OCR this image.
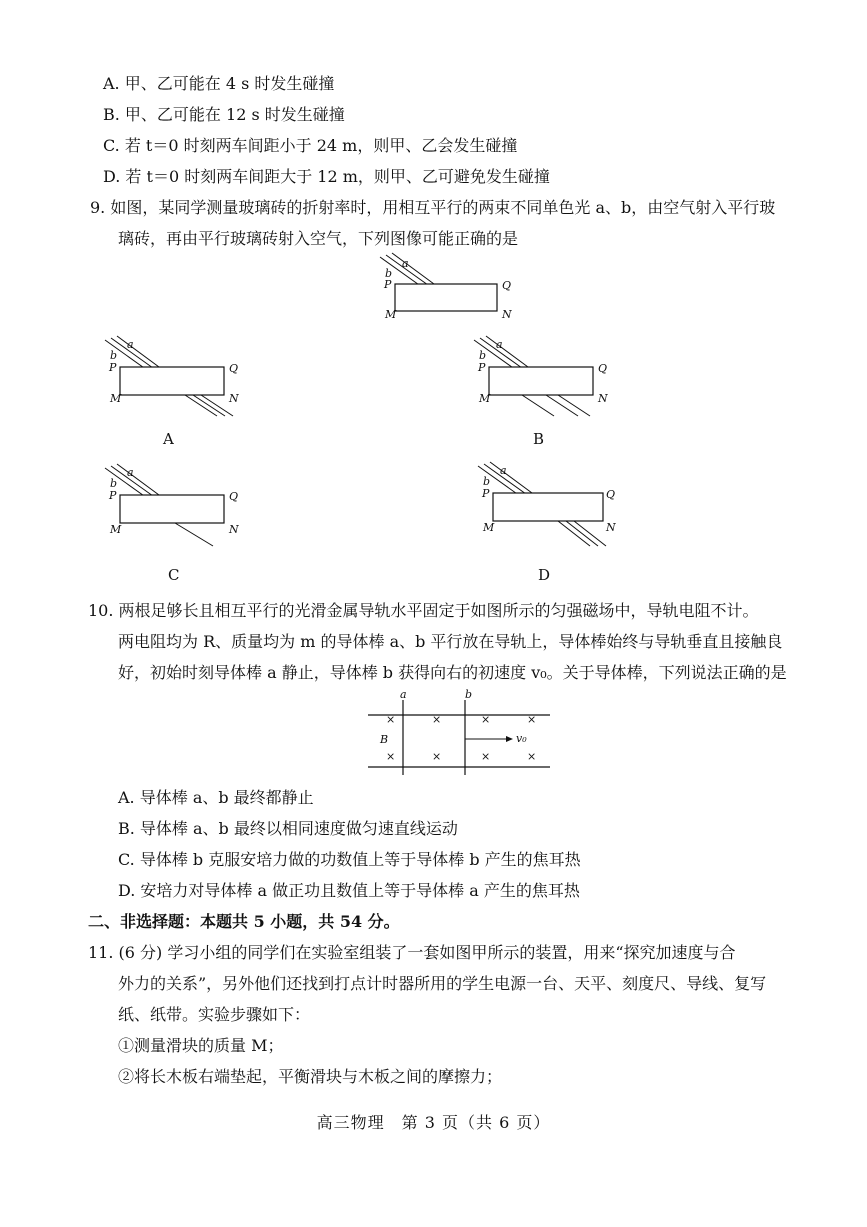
A. 甲、乙可能在 4 s 时发生碰撞
B. 甲、乙可能在 12 s 时发生碰撞
C. 若 t＝0 时刻两车间距小于 24 m，则甲、乙会发生碰撞
D. 若 t＝0 时刻两车间距大于 12 m，则甲、乙可避免发生碰撞
9. 如图，某同学测量玻璃砖的折射率时，用相互平行的两束不同单色光 a、b，由空气射入平行玻
璃砖，再由平行玻璃砖射入空气，下列图像可能正确的是
a
b
P	Q
M	N
a
b
P	Q
M	N
A
a
b
P	Q
M	N
B
a
b
P	Q
M	N
C
a
b
P	Q
M	N
D
10. 两根足够长且相互平行的光滑金属导轨水平固定于如图所示的匀强磁场中，导轨电阻不计。
两电阻均为 R、质量均为 m 的导体棒 a、b 平行放在导轨上，导体棒始终与导轨垂直且接触良
好，初始时刻导体棒 a 静止，导体棒 b 获得向右的初速度 v₀。关于导体棒，下列说法正确的是
a	b
B
×	×	×	×
×	×	×	×
v₀
A. 导体棒 a、b 最终都静止
B. 导体棒 a、b 最终以相同速度做匀速直线运动
C. 导体棒 b 克服安培力做的功数值上等于导体棒 b 产生的焦耳热
D. 安培力对导体棒 a 做正功且数值上等于导体棒 a 产生的焦耳热
二、非选择题：本题共 5 小题，共 54 分。
11. (6 分) 学习小组的同学们在实验室组装了一套如图甲所示的装置，用来“探究加速度与合
外力的关系”，另外他们还找到打点计时器所用的学生电源一台、天平、刻度尺、导线、复写
纸、纸带。实验步骤如下：
①测量滑块的质量 M；
②将长木板右端垫起，平衡滑块与木板之间的摩擦力；
高三物理　第 3 页（共 6 页）
